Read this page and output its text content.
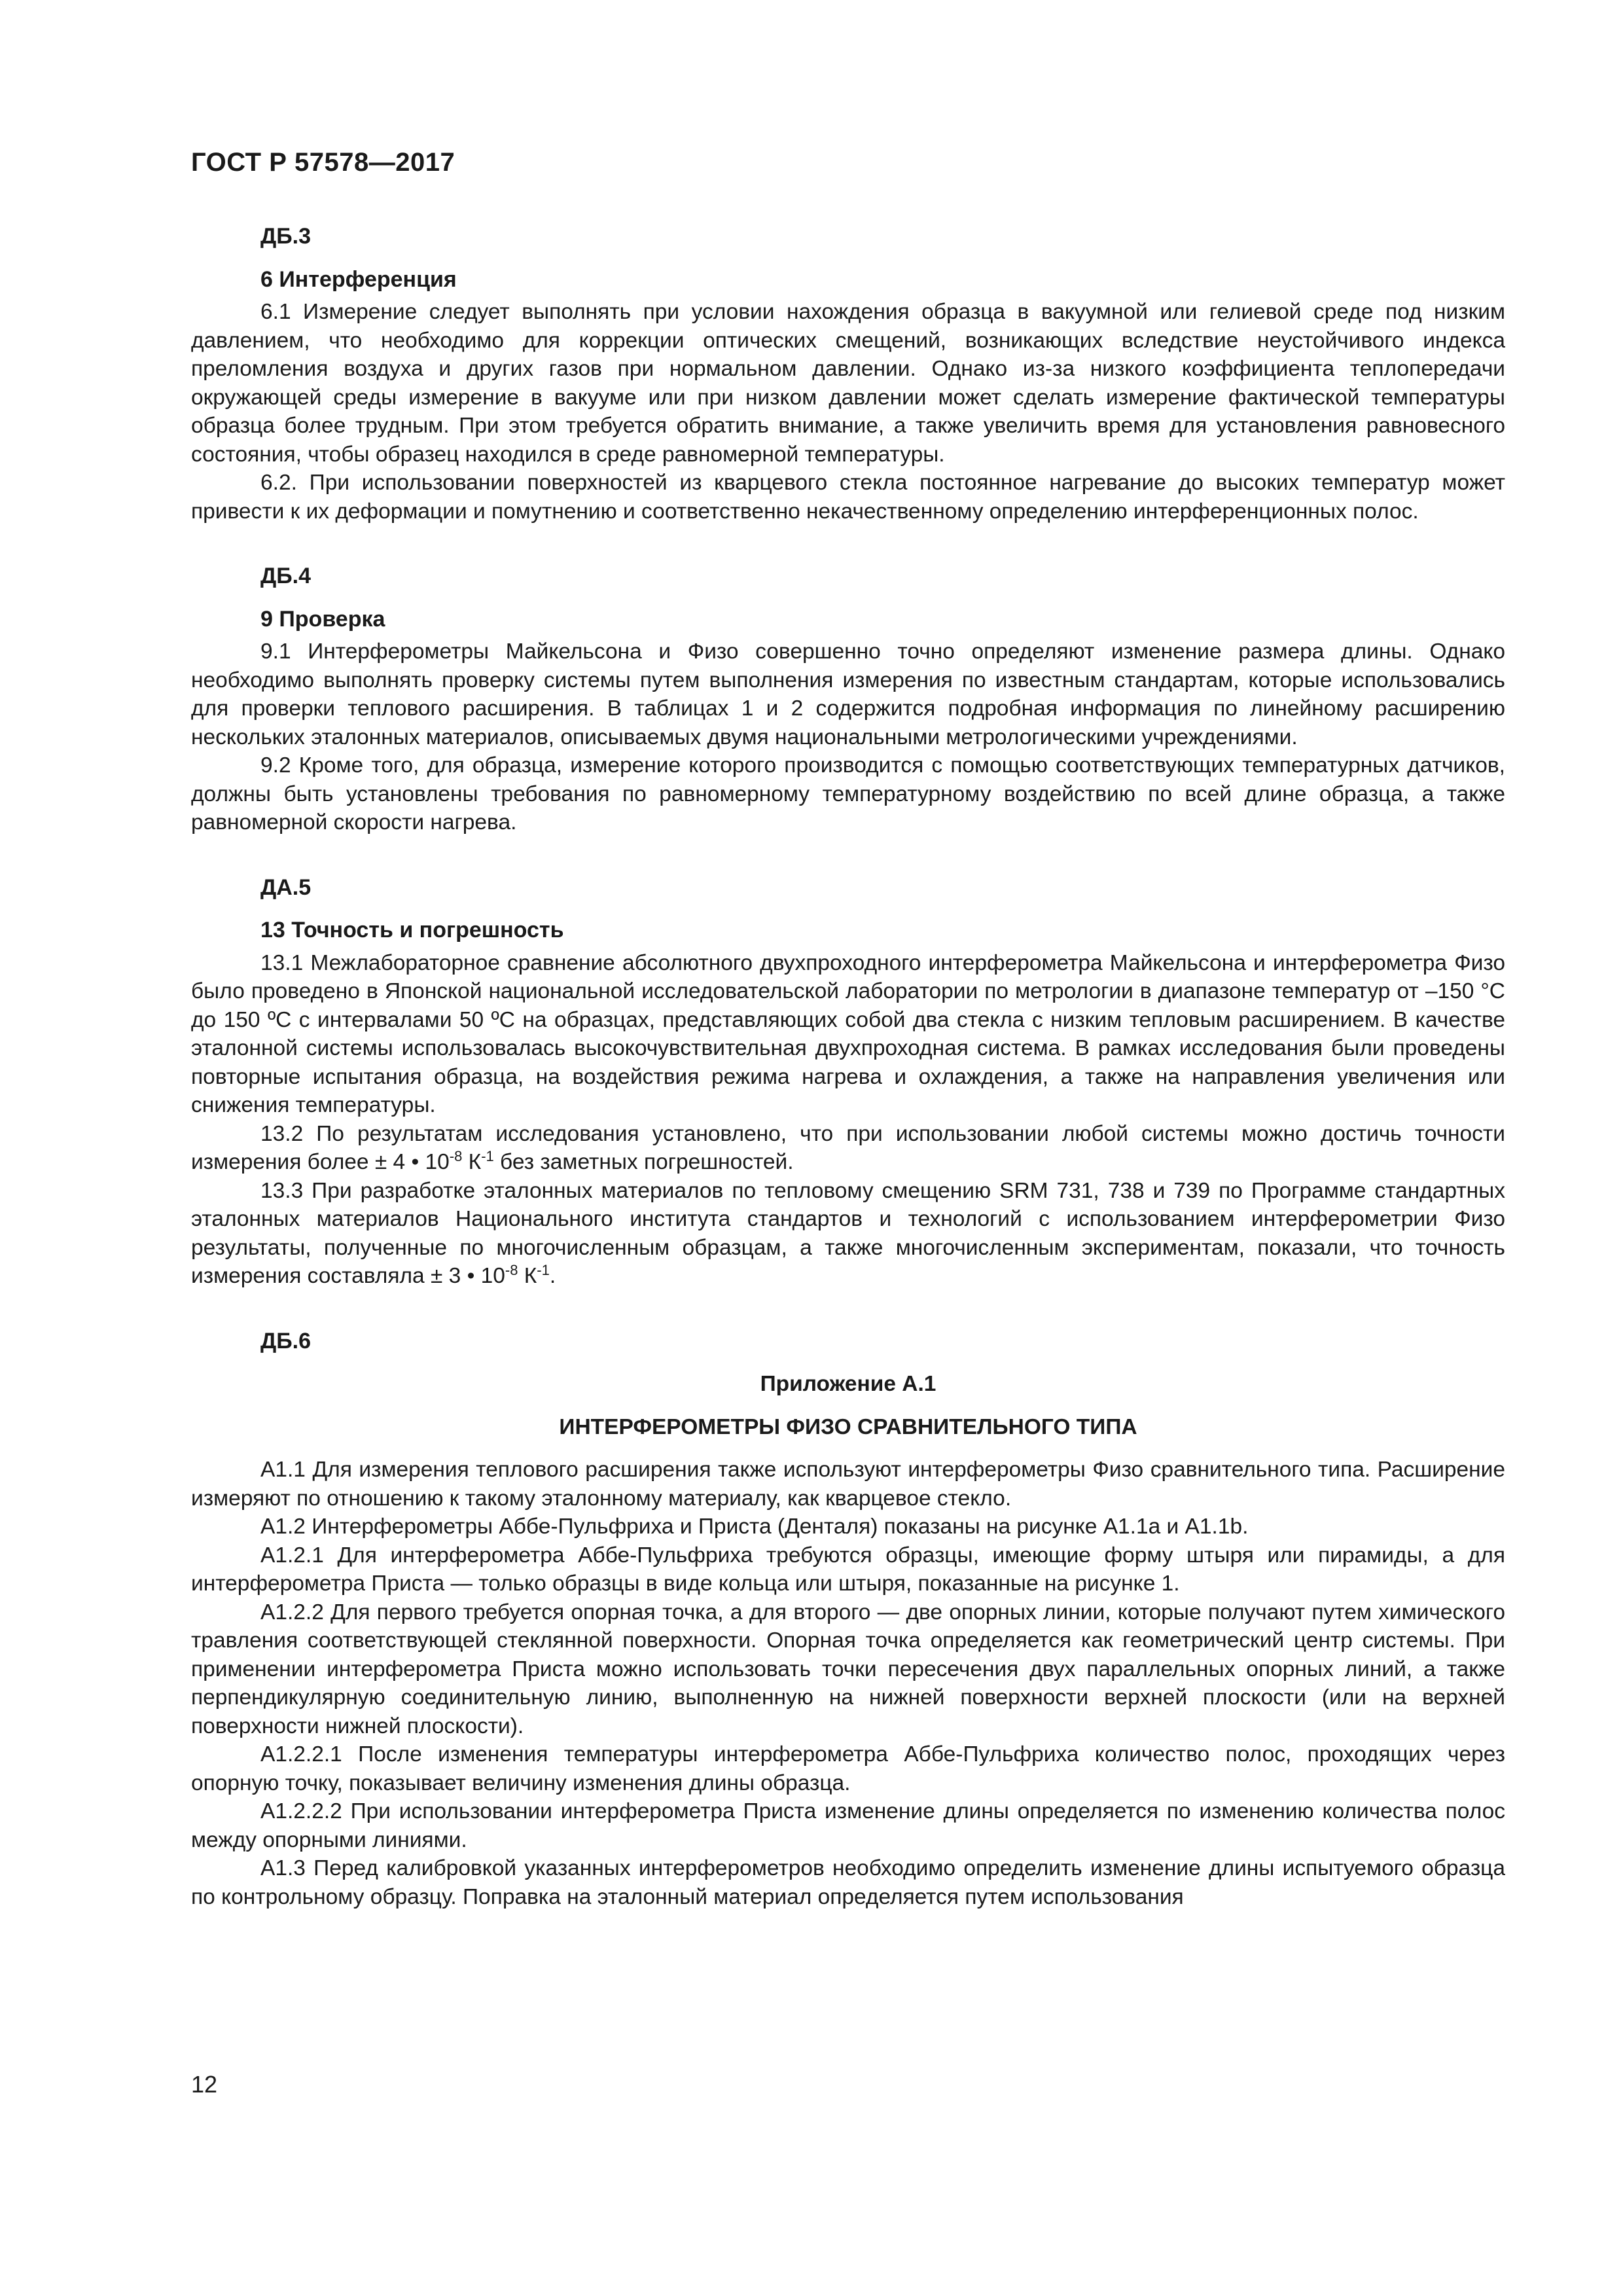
ГОСТ Р 57578—2017
ДБ.3
6 Интерференция

6.1 Измерение следует выполнять при условии нахождения образца в вакуумной или гелиевой среде под низким давлением, что необходимо для коррекции оптических смещений, возникающих вследствие неустойчивого индекса преломления воздуха и других газов при нормальном давлении. Однако из-за низкого коэффициента теплопередачи окружающей среды измерение в вакууме или при низком давлении может сделать измерение фактической температуры образца более трудным. При этом требуется обратить внимание, а также увеличить время для установления равновесного состояния, чтобы образец находился в среде равномерной температуры.

6.2. При использовании поверхностей из кварцевого стекла постоянное нагревание до высоких температур может привести к их деформации и помутнению и соответственно некачественному определению интерференционных полос.

ДБ.4
9 Проверка

9.1 Интерферометры Майкельсона и Физо совершенно точно определяют изменение размера длины. Однако необходимо выполнять проверку системы путем выполнения измерения по известным стандартам, которые использовались для проверки теплового расширения. В таблицах 1 и 2 содержится подробная информация по линейному расширению нескольких эталонных материалов, описываемых двумя национальными метрологическими учреждениями.

9.2 Кроме того, для образца, измерение которого производится с помощью соответствующих температурных датчиков, должны быть установлены требования по равномерному температурному воздействию по всей длине образца, а также равномерной скорости нагрева.

ДА.5
13 Точность и погрешность

13.1 Межлабораторное сравнение абсолютного двухпроходного интерферометра Майкельсона и интерферометра Физо было проведено в Японской национальной исследовательской лаборатории по метрологии в диапазоне температур от –150 °С до 150 ºС с интервалами 50 ºС на образцах, представляющих собой два стекла с низким тепловым расширением. В качестве эталонной системы использовалась высокочувствительная двухпроходная система. В рамках исследования были проведены повторные испытания образца, на воздействия режима нагрева и охлаждения, а также на направления увеличения или снижения температуры.

13.2 По результатам исследования установлено, что при использовании любой системы можно достичь точности измерения более ± 4 • $10^{-8}$ $К^{-1}$ без заметных погрешностей.

13.3 При разработке эталонных материалов по тепловому смещению SRM 731, 738 и 739 по Программе стандартных эталонных материалов Национального института стандартов и технологий с использованием интерферометрии Физо результаты, полученные по многочисленным образцам, а также многочисленным экспериментам, показали, что точность измерения составляла ± 3 • $10^{-8}$ $К^{-1}$.

ДБ.6
Приложение А.1
ИНТЕРФЕРОМЕТРЫ ФИЗО СРАВНИТЕЛЬНОГО ТИПА

А1.1 Для измерения теплового расширения также используют интерферометры Физо сравнительного типа. Расширение измеряют по отношению к такому эталонному материалу, как кварцевое стекло.

А1.2 Интерферометры Аббе-Пульфриха и Приста (Денталя) показаны на рисунке А1.1а и А1.1b.

А1.2.1 Для интерферометра Аббе-Пульфриха требуются образцы, имеющие форму штыря или пирамиды, а для интерферометра Приста — только образцы в виде кольца или штыря, показанные на рисунке 1.

А1.2.2 Для первого требуется опорная точка, а для второго — две опорных линии, которые получают путем химического травления соответствующей стеклянной поверхности. Опорная точка определяется как геометрический центр системы. При применении интерферометра Приста можно использовать точки пересечения двух параллельных опорных линий, а также перпендикулярную соединительную линию, выполненную на нижней поверхности верхней плоскости (или на верхней поверхности нижней плоскости).

А1.2.2.1 После изменения температуры интерферометра Аббе-Пульфриха количество полос, проходящих через опорную точку, показывает величину изменения длины образца.

А1.2.2.2 При использовании интерферометра Приста изменение длины определяется по изменению количества полос между опорными линиями.

А1.3 Перед калибровкой указанных интерферометров необходимо определить изменение длины испытуемого образца по контрольному образцу. Поправка на эталонный материал определяется путем использования

12
